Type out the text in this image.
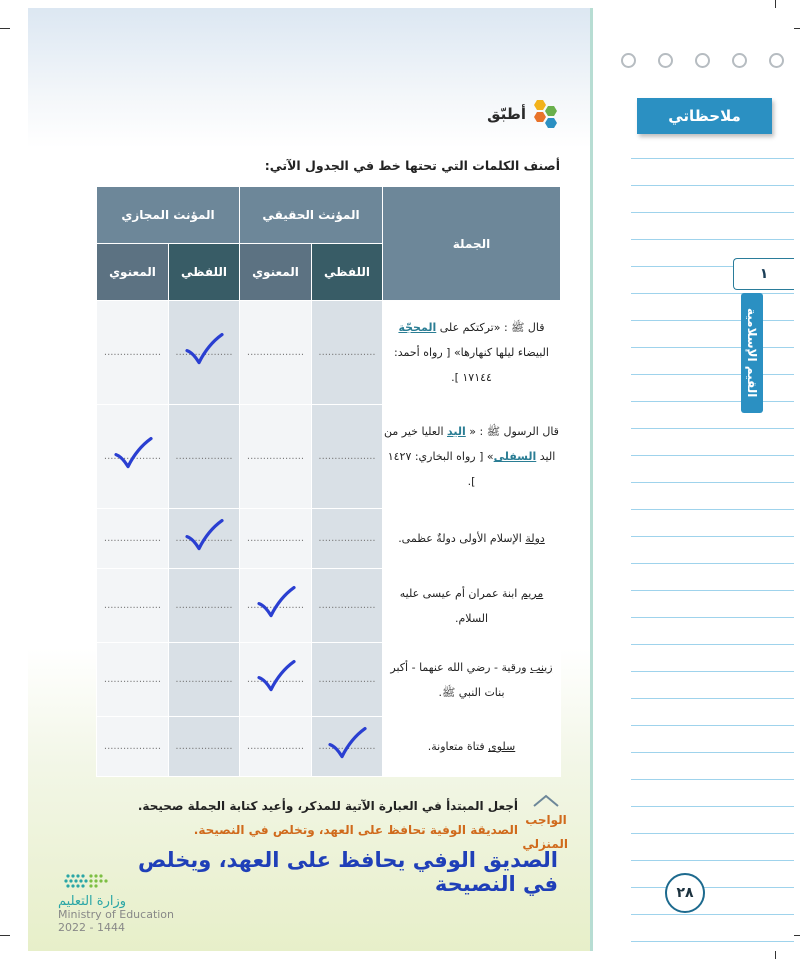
أطبّق
أصنف الكلمات التي تحتها خط في الجدول الآتي:
الجملة	المؤنث الحقيقي		المؤنث المجازي	
	اللفظي	المعنوي	اللفظي	المعنوي
قال ﷺ : «تركتكم على المحجّة البيضاء ليلها كنهارها» [ رواه أحمد: ١٧١٤٤ ].	..................	..................	..................	..................

قال الرسول ﷺ : « اليد العليا خير من اليد السفلى» [ رواه البخاري: ١٤٢٧ ].	..................	..................	..................	..................

دولة الإسلام الأولى دولةٌ عظمى.	..................	..................	..................	..................

مريم ابنة عمران أم عيسى عليه السلام.	..................	..................	..................	..................

زينب ورقية - رضي الله عنهما - أكبر بنات النبي ﷺ.	..................	..................	..................	..................

سلوى فتاة متعاونة.	..................	..................	..................	..................
الواجب
المنزلي
أجعل المبتدأ في العبارة الآتية للمذكر، وأعيد كتابة الجملة صحيحة.
الصديقة الوفية تحافظ على العهد، وتخلص في النصيحة.
الصديق الوفي يحافظ على العهد، ويخلص في النصيحة
وزارة التعليم
Ministry of Education
2022 - 1444
ملاحظاتي
١
القيم الإسلامية
٢٨
